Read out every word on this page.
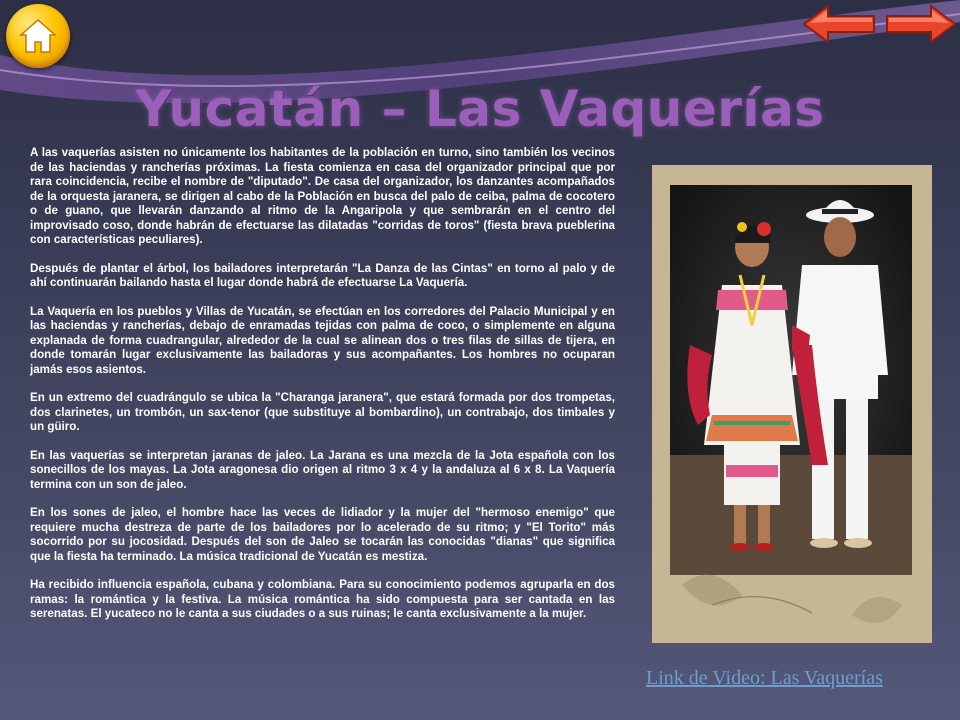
Yucatán – Las Vaquerías

A las vaquerías asisten no únicamente los habitantes de la población en turno, sino también los vecinos de las haciendas y rancherías próximas. La fiesta comienza en casa del organizador principal que por rara coincidencia, recibe el nombre de "diputado". De casa del organizador, los danzantes acompañados de la orquesta jaranera, se dirigen al cabo de la Población en busca del palo de ceiba, palma de cocotero o de guano, que llevarán danzando al ritmo de la Angaripola y que sembrarán en el centro del improvisado coso, donde habrán de efectuarse las dilatadas "corridas de toros" (fiesta brava pueblerina con características peculiares).

Después de plantar el árbol, los bailadores interpretarán "La Danza de las Cintas" en torno al palo y de ahí continuarán bailando hasta el lugar donde habrá de efectuarse La Vaquería.

La Vaquería en los pueblos y Villas de Yucatán, se efectúan en los corredores del Palacio Municipal y en las haciendas y rancherías, debajo de enramadas tejidas con palma de coco, o simplemente en alguna explanada de forma cuadrangular, alrededor de la cual se alinean dos o tres filas de sillas de tijera, en donde tomarán lugar exclusivamente las bailadoras y sus acompañantes. Los hombres no ocuparan jamás esos asientos.

En un extremo del cuadrángulo se ubica la "Charanga jaranera", que estará formada por dos trompetas, dos clarinetes, un trombón, un sax-tenor (que substituye al bombardino), un contrabajo, dos timbales y un güiro.

En las vaquerías se interpretan jaranas de jaleo. La Jarana es una mezcla de la Jota española con los sonecillos de los mayas. La Jota aragonesa dio origen al ritmo 3 x 4 y la andaluza al 6 x 8. La Vaquería termina con un son de jaleo.

En los sones de jaleo, el hombre hace las veces de lidiador y la mujer del "hermoso enemigo" que requiere mucha destreza de parte de los bailadores por lo acelerado de su ritmo; y "El Torito" más socorrido por su jocosidad. Después del son de Jaleo se tocarán las conocidas "dianas" que significa que la fiesta ha terminado. La música tradicional de Yucatán es mestiza.

Ha recibido influencia española, cubana y colombiana. Para su conocimiento podemos agruparla en dos ramas: la romántica y la festiva. La música romántica ha sido compuesta para ser cantada en las serenatas. El yucateco no le canta a sus ciudades o a sus ruinas; le canta exclusivamente a la mujer.

Link de Video: Las Vaquerías
